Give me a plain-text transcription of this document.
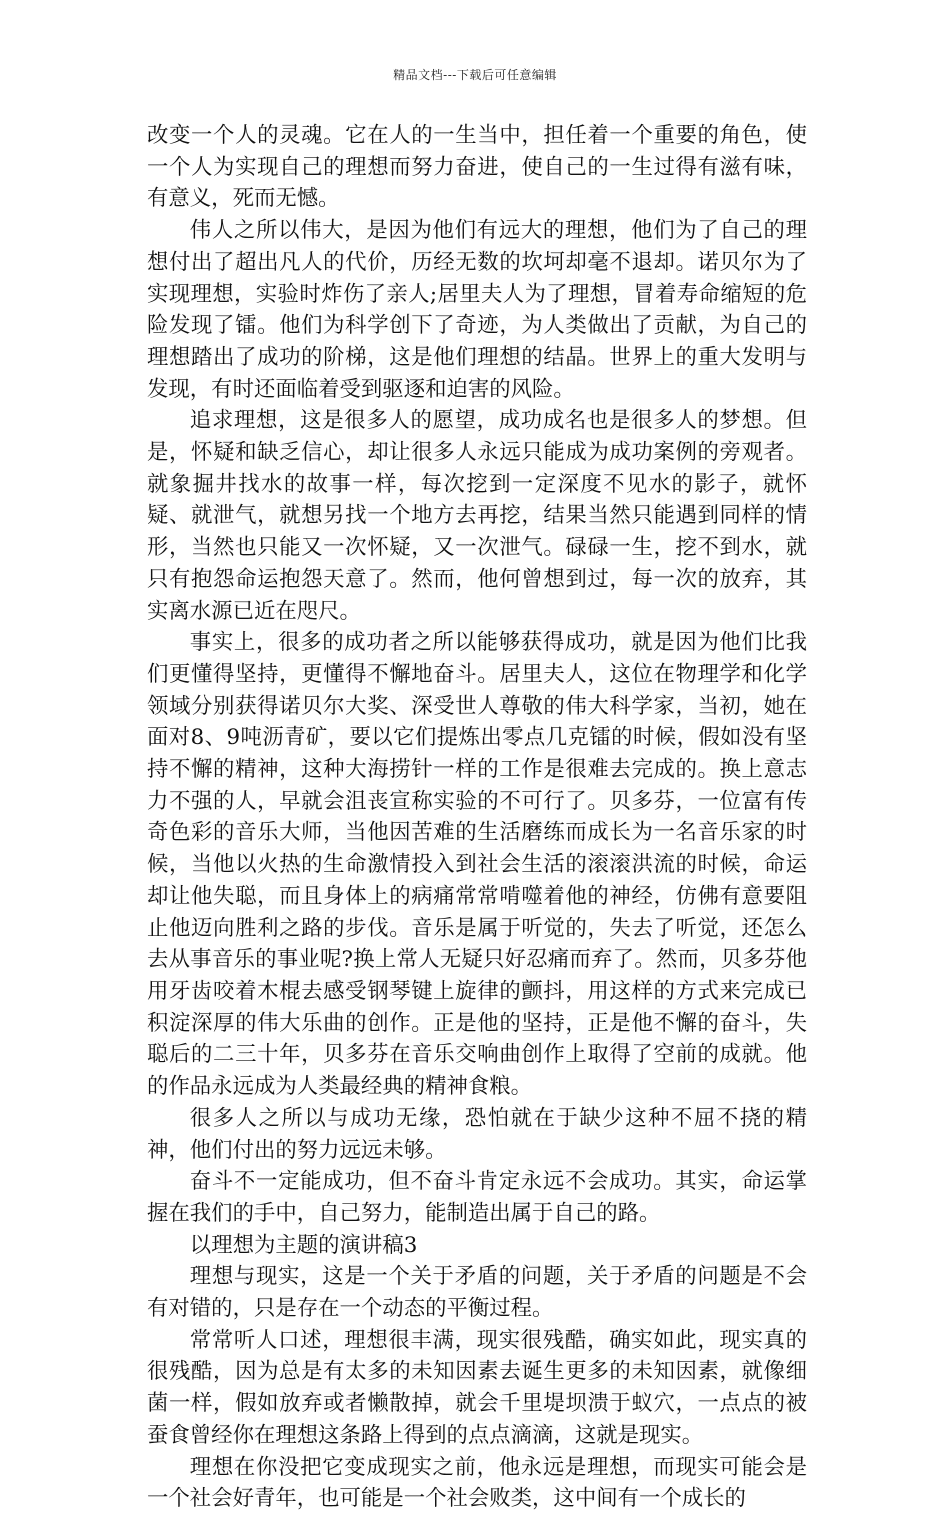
精品文档---下载后可任意编辑

改变一个人的灵魂。它在人的一生当中，担任着一个重要的角色，使一个人为实现自己的理想而努力奋进，使自己的一生过得有滋有味，有意义，死而无憾。

伟人之所以伟大，是因为他们有远大的理想，他们为了自己的理想付出了超出凡人的代价，历经无数的坎坷却毫不退却。诺贝尔为了实现理想，实验时炸伤了亲人;居里夫人为了理想，冒着寿命缩短的危险发现了镭。他们为科学创下了奇迹，为人类做出了贡献，为自己的理想踏出了成功的阶梯，这是他们理想的结晶。世界上的重大发明与发现，有时还面临着受到驱逐和迫害的风险。

追求理想，这是很多人的愿望，成功成名也是很多人的梦想。但是，怀疑和缺乏信心，却让很多人永远只能成为成功案例的旁观者。就象掘井找水的故事一样，每次挖到一定深度不见水的影子，就怀疑、就泄气，就想另找一个地方去再挖，结果当然只能遇到同样的情形，当然也只能又一次怀疑，又一次泄气。碌碌一生，挖不到水，就只有抱怨命运抱怨天意了。然而，他何曾想到过，每一次的放弃，其实离水源已近在咫尺。

事实上，很多的成功者之所以能够获得成功，就是因为他们比我们更懂得坚持，更懂得不懈地奋斗。居里夫人，这位在物理学和化学领域分别获得诺贝尔大奖、深受世人尊敬的伟大科学家，当初，她在面对8、9吨沥青矿，要以它们提炼出零点几克镭的时候，假如没有坚持不懈的精神，这种大海捞针一样的工作是很难去完成的。换上意志力不强的人，早就会沮丧宣称实验的不可行了。贝多芬，一位富有传奇色彩的音乐大师，当他因苦难的生活磨练而成长为一名音乐家的时候，当他以火热的生命激情投入到社会生活的滚滚洪流的时候，命运却让他失聪，而且身体上的病痛常常啃噬着他的神经，仿佛有意要阻止他迈向胜利之路的步伐。音乐是属于听觉的，失去了听觉，还怎么去从事音乐的事业呢?换上常人无疑只好忍痛而弃了。然而，贝多芬他用牙齿咬着木棍去感受钢琴键上旋律的颤抖，用这样的方式来完成已积淀深厚的伟大乐曲的创作。正是他的坚持，正是他不懈的奋斗，失聪后的二三十年，贝多芬在音乐交响曲创作上取得了空前的成就。他的作品永远成为人类最经典的精神食粮。

很多人之所以与成功无缘，恐怕就在于缺少这种不屈不挠的精神，他们付出的努力远远未够。

奋斗不一定能成功，但不奋斗肯定永远不会成功。其实，命运掌握在我们的手中，自己努力，能制造出属于自己的路。

以理想为主题的演讲稿3

理想与现实，这是一个关于矛盾的问题，关于矛盾的问题是不会有对错的，只是存在一个动态的平衡过程。

常常听人口述，理想很丰满，现实很残酷，确实如此，现实真的很残酷，因为总是有太多的未知因素去诞生更多的未知因素，就像细菌一样，假如放弃或者懒散掉，就会千里堤坝溃于蚁穴，一点点的被蚕食曾经你在理想这条路上得到的点点滴滴，这就是现实。

理想在你没把它变成现实之前，他永远是理想，而现实可能会是一个社会好青年，也可能是一个社会败类，这中间有一个成长的
